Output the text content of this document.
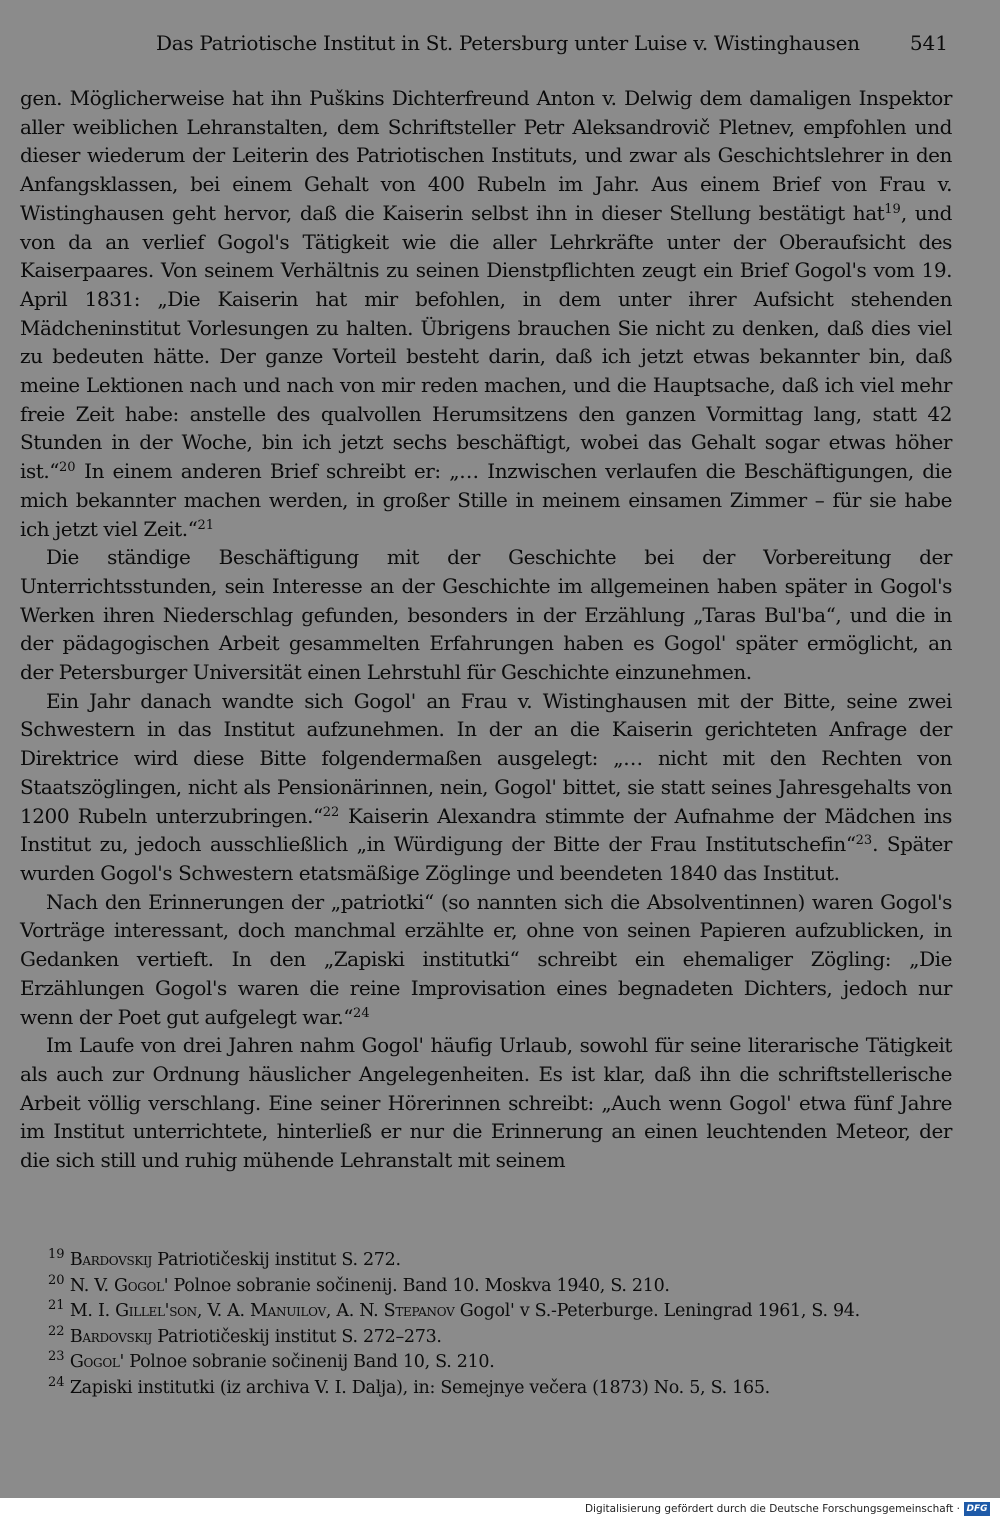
Das Patriotische Institut in St. Petersburg unter Luise v. Wistinghausen	541

gen. Möglicherweise hat ihn Puškins Dichterfreund Anton v. Delwig dem damaligen Inspektor aller weiblichen Lehranstalten, dem Schriftsteller Petr Aleksandrovič Pletnev, empfohlen und dieser wiederum der Leiterin des Patriotischen Instituts, und zwar als Geschichtslehrer in den Anfangsklassen, bei einem Gehalt von 400 Rubeln im Jahr. Aus einem Brief von Frau v. Wistinghausen geht hervor, daß die Kaiserin selbst ihn in dieser Stellung bestätigt hat$^{19}$, und von da an verlief Gogol's Tätigkeit wie die aller Lehrkräfte unter der Oberaufsicht des Kaiserpaares. Von seinem Verhältnis zu seinen Dienstpflichten zeugt ein Brief Gogol's vom 19. April 1831: „Die Kaiserin hat mir befohlen, in dem unter ihrer Aufsicht stehenden Mädcheninstitut Vorlesungen zu halten. Übrigens brauchen Sie nicht zu denken, daß dies viel zu bedeuten hätte. Der ganze Vorteil besteht darin, daß ich jetzt etwas bekannter bin, daß meine Lektionen nach und nach von mir reden machen, und die Hauptsache, daß ich viel mehr freie Zeit habe: anstelle des qualvollen Herumsitzens den ganzen Vormittag lang, statt 42 Stunden in der Woche, bin ich jetzt sechs beschäftigt, wobei das Gehalt sogar etwas höher ist.“$^{20}$ In einem anderen Brief schreibt er: „… Inzwischen verlaufen die Beschäftigungen, die mich bekannter machen werden, in großer Stille in meinem einsamen Zimmer – für sie habe ich jetzt viel Zeit.“$^{21}$

Die ständige Beschäftigung mit der Geschichte bei der Vorbereitung der Unterrichtsstunden, sein Interesse an der Geschichte im allgemeinen haben später in Gogol's Werken ihren Niederschlag gefunden, besonders in der Erzählung „Taras Bul'ba“, und die in der pädagogischen Arbeit gesammelten Erfahrungen haben es Gogol' später ermöglicht, an der Petersburger Universität einen Lehrstuhl für Geschichte einzunehmen.

Ein Jahr danach wandte sich Gogol' an Frau v. Wistinghausen mit der Bitte, seine zwei Schwestern in das Institut aufzunehmen. In der an die Kaiserin gerichteten Anfrage der Direktrice wird diese Bitte folgendermaßen ausgelegt: „… nicht mit den Rechten von Staatszöglingen, nicht als Pensionärinnen, nein, Gogol' bittet, sie statt seines Jahresgehalts von 1200 Rubeln unterzubringen.“$^{22}$ Kaiserin Alexandra stimmte der Aufnahme der Mädchen ins Institut zu, jedoch ausschließlich „in Würdigung der Bitte der Frau Institutschefin“$^{23}$. Später wurden Gogol's Schwestern etatsmäßige Zöglinge und beendeten 1840 das Institut.

Nach den Erinnerungen der „patriotki“ (so nannten sich die Absolventinnen) waren Gogol's Vorträge interessant, doch manchmal erzählte er, ohne von seinen Papieren aufzublicken, in Gedanken vertieft. In den „Zapiski institutki“ schreibt ein ehemaliger Zögling: „Die Erzählungen Gogol's waren die reine Improvisation eines begnadeten Dichters, jedoch nur wenn der Poet gut aufgelegt war.“$^{24}$

Im Laufe von drei Jahren nahm Gogol' häufig Urlaub, sowohl für seine literarische Tätigkeit als auch zur Ordnung häuslicher Angelegenheiten. Es ist klar, daß ihn die schriftstellerische Arbeit völlig verschlang. Eine seiner Hörerinnen schreibt: „Auch wenn Gogol' etwa fünf Jahre im Institut unterrichtete, hinterließ er nur die Erinnerung an einen leuchtenden Meteor, der die sich still und ruhig mühende Lehranstalt mit seinem

$^{19}$ Bardovskij Patriotičeskij institut S. 272.

$^{20}$ N. V. Gogol' Polnoe sobranie sočinenij. Band 10. Moskva 1940, S. 210.

$^{21}$ M. I. Gillel'son, V. A. Manuilov, A. N. Stepanov Gogol' v S.-Peterburge. Leningrad 1961, S. 94.

$^{22}$ Bardovskij Patriotičeskij institut S. 272–273.

$^{23}$ Gogol' Polnoe sobranie sočinenij Band 10, S. 210.

$^{24}$ Zapiski institutki (iz archiva V. I. Dalja), in: Semejnye večera (1873) No. 5, S. 165.

Digitalisierung gefördert durch die Deutsche Forschungsgemeinschaft · DFG
